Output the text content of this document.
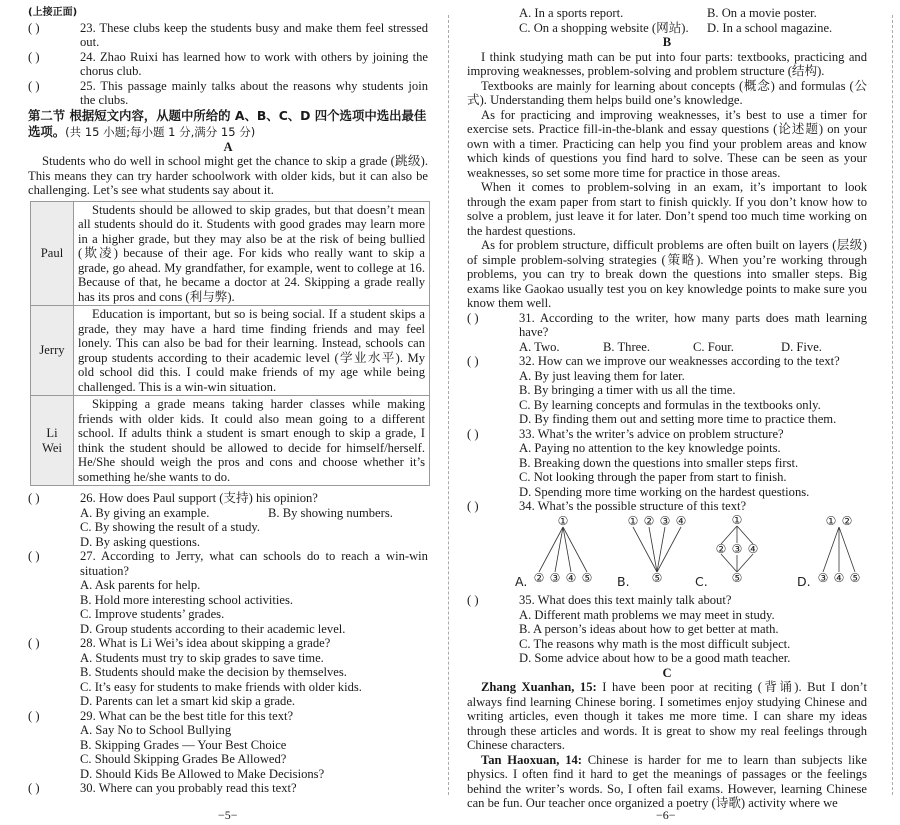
(上接正面)
( )	23. These clubs keep the students busy and make them feel stressed out.
( )	24. Zhao Ruixi has learned how to work with others by joining the chorus club.
( )	25. This passage mainly talks about the reasons why students join the clubs.
第二节 根据短文内容，从题中所给的 A、B、C、D 四个选项中选出最佳选项。(共 15 小题;每小题 1 分,满分 15 分)
A

Students who do well in school might get the chance to skip a grade (跳级). This means they can try harder schoolwork with older kids, but it can also be challenging. Let’s see what students say about it.

Paul	Students should be allowed to skip grades, but that doesn’t mean all students should do it. Students with good grades may learn more in a higher grade, but they may also be at the risk of being bullied (欺凌) because of their age. For kids who really want to skip a grade, go ahead. My grandfather, for example, went to college at 16. Because of that, he became a doctor at 24. Skipping a grade really has its pros and cons (利与弊).
Jerry	Education is important, but so is being social. If a student skips a grade, they may have a hard time finding friends and may feel lonely. This can also be bad for their learning. Instead, schools can group students according to their academic level (学业水平). My old school did this. I could make friends of my age while being challenged. This is a win-win situation.
Li Wei	Skipping a grade means taking harder classes while making friends with older kids. It could also mean going to a different school. If adults think a student is smart enough to skip a grade, I think the student should be allowed to decide for himself/herself. He/She should weigh the pros and cons and choose whether it’s something he/she wants to do.
( )	26. How does Paul support (支持) his opinion?
A. By giving an example.	B. By showing numbers.
C. By showing the result of a study.
D. By asking questions.
( )	27. According to Jerry, what can schools do to reach a win-win situation?
A. Ask parents for help.
B. Hold more interesting school activities.
C. Improve students’ grades.
D. Group students according to their academic level.
( )	28. What is Li Wei’s idea about skipping a grade?
A. Students must try to skip grades to save time.
B. Students should make the decision by themselves.
C. It’s easy for students to make friends with older kids.
D. Parents can let a smart kid skip a grade.
( )	29. What can be the best title for this text?
A. Say No to School Bullying
B. Skipping Grades — Your Best Choice
C. Should Skipping Grades Be Allowed?
D. Should Kids Be Allowed to Make Decisions?
( )	30. Where can you probably read this text?
−5−
A. In a sports report.	B. On a movie poster.
C. On a shopping website (网站).	D. In a school magazine.
B

I think studying math can be put into four parts: textbooks, practicing and improving weaknesses, problem-solving and problem structure (结构).

Textbooks are mainly for learning about concepts (概念) and formulas (公式). Understanding them helps build one’s knowledge.

As for practicing and improving weaknesses, it’s best to use a timer for exercise sets. Practice fill-in-the-blank and essay questions (论述题) on your own with a timer. Practicing can help you find your problem areas and know which kinds of questions you find hard to solve. These can be seen as your weaknesses, so set some more time for practice in those areas.

When it comes to problem-solving in an exam, it’s important to look through the exam paper from start to finish quickly. If you don’t know how to solve a problem, just leave it for later. Don’t spend too much time working on the hardest questions.

As for problem structure, difficult problems are often built on layers (层级) of simple problem-solving strategies (策略). When you’re working through problems, you can try to break down the questions into smaller steps. Big exams like Gaokao usually test you on key knowledge points to make sure you know them well.

( )	31. According to the writer, how many parts does math learning have?
A. Two.	B. Three.	C. Four.	D. Five.
( )	32. How can we improve our weaknesses according to the text?
A. By just leaving them for later.
B. By bringing a timer with us all the time.
C. By learning concepts and formulas in the textbooks only.
D. By finding them out and setting more time to practice them.
( )	33. What’s the writer’s advice on problem structure?
A. Paying no attention to the key knowledge points.
B. Breaking down the questions into smaller steps first.
C. Not looking through the paper from start to finish.
D. Spending more time working on the hardest questions.
( )	34. What’s the possible structure of this text?
A.
①
② ③ ④ ⑤ B.
① ② ③ ④
⑤	C.
①
② ③ ④
⑤	D.
① ②
③ ④ ⑤
( )	35. What does this text mainly talk about?
A. Different math problems we may meet in study.
B. A person’s ideas about how to get better at math.
C. The reasons why math is the most difficult subject.
D. Some advice about how to be a good math teacher.
C

Zhang Xuanhan, 15: I have been poor at reciting (背诵). But I don’t always find learning Chinese boring. I sometimes enjoy studying Chinese and writing articles, even though it takes me more time. I can share my ideas through these articles and words. It is great to show my real feelings through Chinese characters.

Tan Haoxuan, 14: Chinese is harder for me to learn than subjects like physics. I often find it hard to get the meanings of passages or the feelings behind the writer’s words. So, I often fail exams. However, learning Chinese can be fun. Our teacher once organized a poetry (诗歌) activity where we

−6−
